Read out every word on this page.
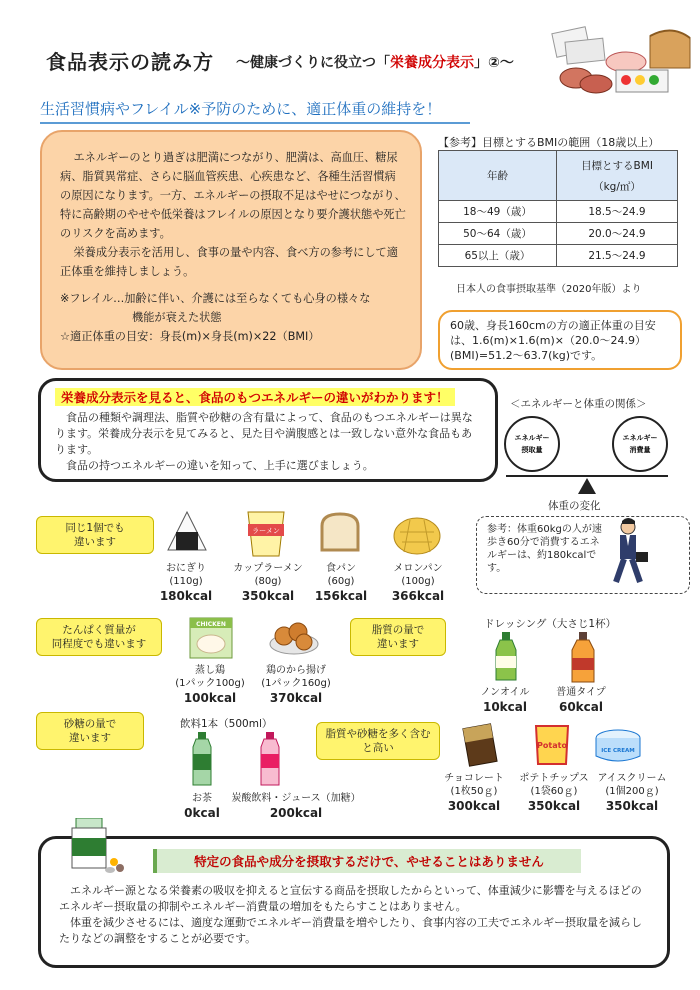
食品表示の読み方 ～健康づくりに役立つ「栄養成分表示」②～
生活習慣病やフレイル※予防のために、適正体重の維持を！

エネルギーのとり過ぎは肥満につながり、肥満は、高血圧、糖尿病、脂質異常症、さらに脳血管疾患、心疾患など、各種生活習慣病の原因になります。一方、エネルギーの摂取不足はやせにつながり、特に高齢期のやせや低栄養はフレイルの原因となり要介護状態や死亡のリスクを高めます。

栄養成分表示を活用し、食事の量や内容、食べ方の参考にして適正体重を維持しましょう。

※フレイル…加齢に伴い、介護には至らなくても心身の様々な

機能が衰えた状態

☆適正体重の目安：身長(m)×身長(m)×22（BMI）

【参考】目標とするBMIの範囲（18歳以上）
年齢	目標とするBMI
（kg/㎡）

18～49（歳）	18.5～24.9
50～64（歳）	20.0～24.9
65以上（歳）	21.5～24.9
日本人の食事摂取基準（2020年版）より
60歳、身長160cmの方の適正体重の目安は、1.6(m)×1.6(m)×（20.0～24.9）(BMI)=51.2～63.7(kg)です。
栄養成分表示を見ると、食品のもつエネルギーの違いがわかります！

食品の種類や調理法、脂質や砂糖の含有量によって、食品のもつエネルギーは異なります。栄養成分表示を見てみると、見た目や満腹感とは一致しない意外な食品もあります。

食品の持つエネルギーの違いを知って、上手に選びましょう。

＜エネルギーと体重の関係＞
エネルギー
摂取量
エネルギー
消費量
体重の変化
参考：体重60kgの人が速歩き60分で消費するエネルギーは、約180kcalです。
同じ1個でも
違います
ラーメン
おにぎり
(110g)
180kcal
カップラーメン
(80g)
350kcal
食パン
(60g)
156kcal
メロンパン
(100g)
366kcal
たんぱく質量が
同程度でも違います
CHICKEN
蒸し鶏
(1パック100g)
100kcal
鶏のから揚げ
(1パック160g)
370kcal
脂質の量で
違います
ドレッシング（大さじ1杯）
ノンオイル
10kcal
普通タイプ
60kcal
砂糖の量で
違います
飲料1本（500ml）
お茶
0kcal
炭酸飲料・ジュース（加糖）
200kcal
脂質や砂糖を多く含む
と高い	Potato
ICE CREAM
チョコレート
(1枚50ｇ)
300kcal
ポテトチップス
(1袋60ｇ)
350kcal
アイスクリーム
(1個200ｇ)
350kcal
特定の食品や成分を摂取するだけで、やせることはありません

エネルギー源となる栄養素の吸収を抑えると宣伝する商品を摂取したからといって、体重減少に影響を与えるほどのエネルギー摂取量の抑制やエネルギー消費量の増加をもたらすことはありません。

体重を減少させるには、適度な運動でエネルギー消費量を増やしたり、食事内容の工夫でエネルギー摂取量を減らしたりなどの調整をすることが必要です。
